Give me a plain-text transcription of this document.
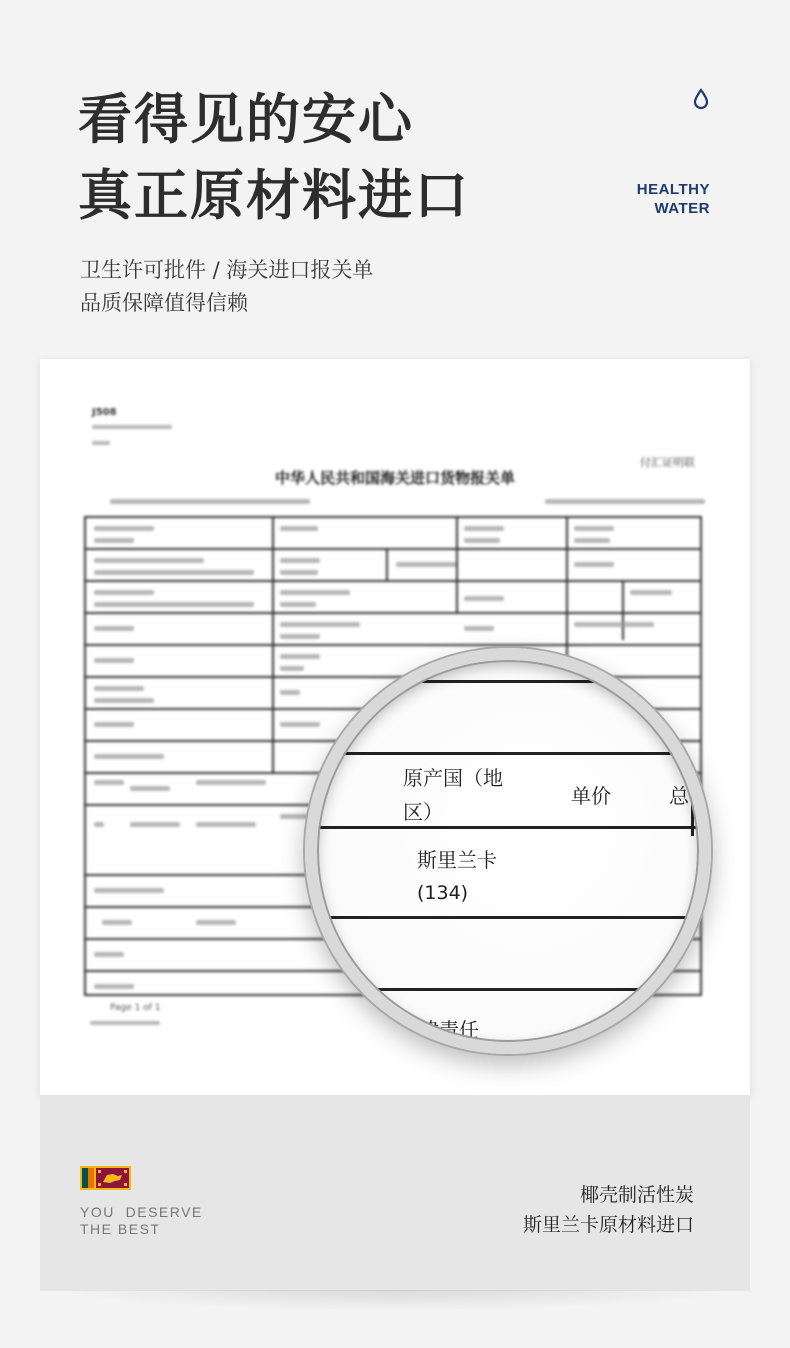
看得见的安心
真正原材料进口	HEALTHY
WATER
卫生许可批件 / 海关进口报关单
品质保障值得信赖
J508
付汇证明联
中华人民共和国海关进口货物报关单
Page 1 of 1
原产国（地
区）
单价	总
斯里兰卡
(134)
法律责任
YOU  DESERVE
THE BEST
椰壳制活性炭
斯里兰卡原材料进口
